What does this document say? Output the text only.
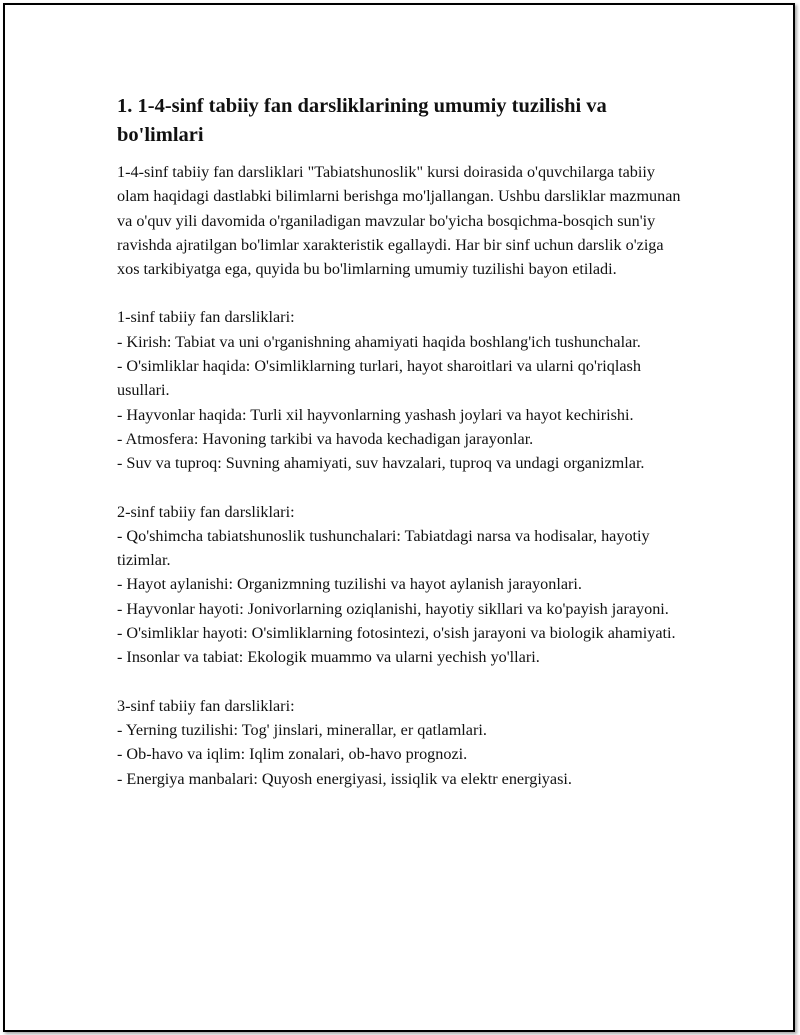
1. 1-4-sinf tabiiy fan darsliklarining umumiy tuzilishi va bo'limlari

1-4-sinf tabiiy fan darsliklari "Tabiatshunoslik" kursi doirasida o'quvchilarga tabiiy olam haqidagi dastlabki bilimlarni berishga mo'ljallangan. Ushbu darsliklar mazmunan va o'quv yili davomida o'rganiladigan mavzular bo'yicha bosqichma-bosqich sun'iy ravishda ajratilgan bo'limlar xarakteristik egallaydi. Har bir sinf uchun darslik o'ziga xos tarkibiyatga ega, quyida bu bo'limlarning umumiy tuzilishi bayon etiladi.

1-sinf tabiiy fan darsliklari:

- Kirish: Tabiat va uni o'rganishning ahamiyati haqida boshlang'ich tushunchalar.

- O'simliklar haqida: O'simliklarning turlari, hayot sharoitlari va ularni qo'riqlash usullari.

- Hayvonlar haqida: Turli xil hayvonlarning yashash joylari va hayot kechirishi.

- Atmosfera: Havoning tarkibi va havoda kechadigan jarayonlar.

- Suv va tuproq: Suvning ahamiyati, suv havzalari, tuproq va undagi organizmlar.

2-sinf tabiiy fan darsliklari:

- Qo'shimcha tabiatshunoslik tushunchalari: Tabiatdagi narsa va hodisalar, hayotiy tizimlar.

- Hayot aylanishi: Organizmning tuzilishi va hayot aylanish jarayonlari.

- Hayvonlar hayoti: Jonivorlarning oziqlanishi, hayotiy sikllari va ko'payish jarayoni.

- O'simliklar hayoti: O'simliklarning fotosintezi, o'sish jarayoni va biologik ahamiyati.

- Insonlar va tabiat: Ekologik muammo va ularni yechish yo'llari.

3-sinf tabiiy fan darsliklari:

- Yerning tuzilishi: Tog' jinslari, minerallar, er qatlamlari.

- Ob-havo va iqlim: Iqlim zonalari, ob-havo prognozi.

- Energiya manbalari: Quyosh energiyasi, issiqlik va elektr energiyasi.
